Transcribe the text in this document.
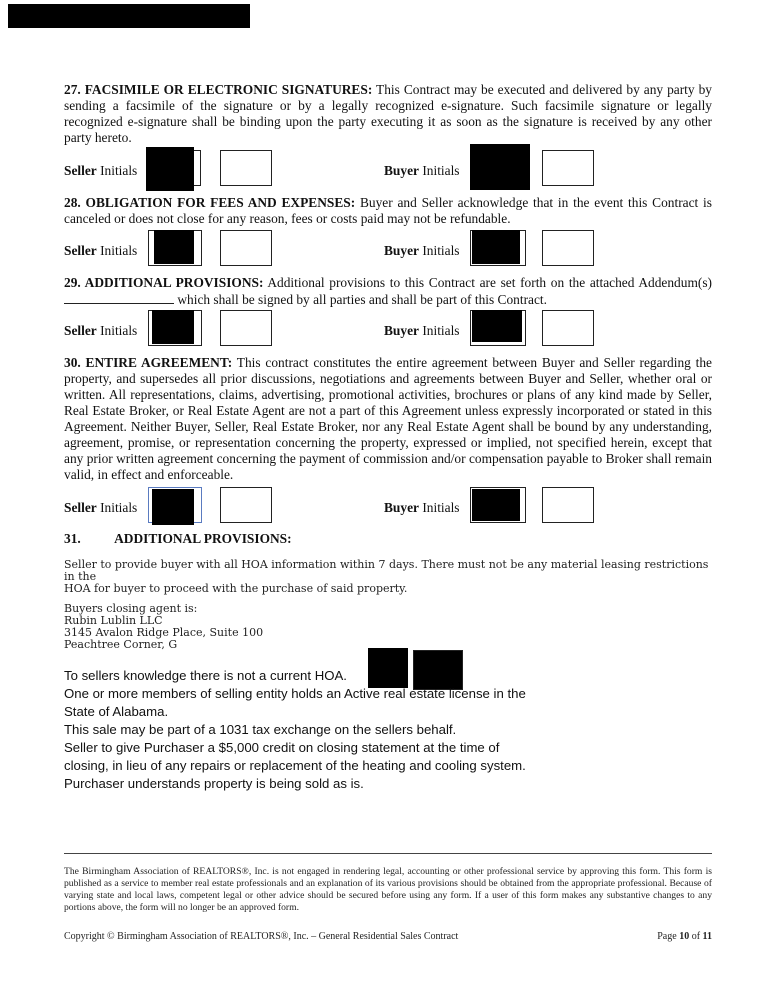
27. FACSIMILE OR ELECTRONIC SIGNATURES: This Contract may be executed and delivered by any party by sending a facsimile of the signature or by a legally recognized e-signature. Such facsimile signature or legally recognized e-signature shall be binding upon the party executing it as soon as the signature is received by any other party hereto.
Seller Initials	Buyer Initials
28. OBLIGATION FOR FEES AND EXPENSES: Buyer and Seller acknowledge that in the event this Contract is canceled or does not close for any reason, fees or costs paid may not be refundable.
Seller Initials	Buyer Initials
29. ADDITIONAL PROVISIONS: Additional provisions to this Contract are set forth on the attached Addendum(s)  which shall be signed by all parties and shall be part of this Contract.
Seller Initials	Buyer Initials
30. ENTIRE AGREEMENT: This contract constitutes the entire agreement between Buyer and Seller regarding the property, and supersedes all prior discussions, negotiations and agreements between Buyer and Seller, whether oral or written. All representations, claims, advertising, promotional activities, brochures or plans of any kind made by Seller, Real Estate Broker, or Real Estate Agent are not a part of this Agreement unless expressly incorporated or stated in this Agreement. Neither Buyer, Seller, Real Estate Broker, nor any Real Estate Agent shall be bound by any understanding, agreement, promise, or representation concerning the property, expressed or implied, not specified herein, except that any prior written agreement concerning the payment of commission and/or compensation payable to Broker shall remain valid, in effect and enforceable.
Seller Initials	Buyer Initials
31. ADDITIONAL PROVISIONS:
Seller to provide buyer with all HOA information within 7 days. There must not be any material leasing restrictions in the
HOA for buyer to proceed with the purchase of said property.
Buyers closing agent is:
Rubin Lublin LLC
3145 Avalon Ridge Place, Suite 100
Peachtree Corner, G
To sellers knowledge there is not a current HOA.
One or more members of selling entity holds an Active real estate license in the
State of Alabama.
This sale may be part of a 1031 tax exchange on the sellers behalf.
Seller to give Purchaser a $5,000 credit on closing statement at the time of
closing, in lieu of any repairs or replacement of the heating and cooling system.
Purchaser understands property is being sold as is.
The Birmingham Association of REALTORS®, Inc. is not engaged in rendering legal, accounting or other professional service by approving this form. This form is published as a service to member real estate professionals and an explanation of its various provisions should be obtained from the appropriate professional. Because of varying state and local laws, competent legal or other advice should be secured before using any form. If a user of this form makes any substantive changes to any portions above, the form will no longer be an approved form.
Copyright © Birmingham Association of REALTORS®, Inc. – General Residential Sales Contract	Page 10 of 11
